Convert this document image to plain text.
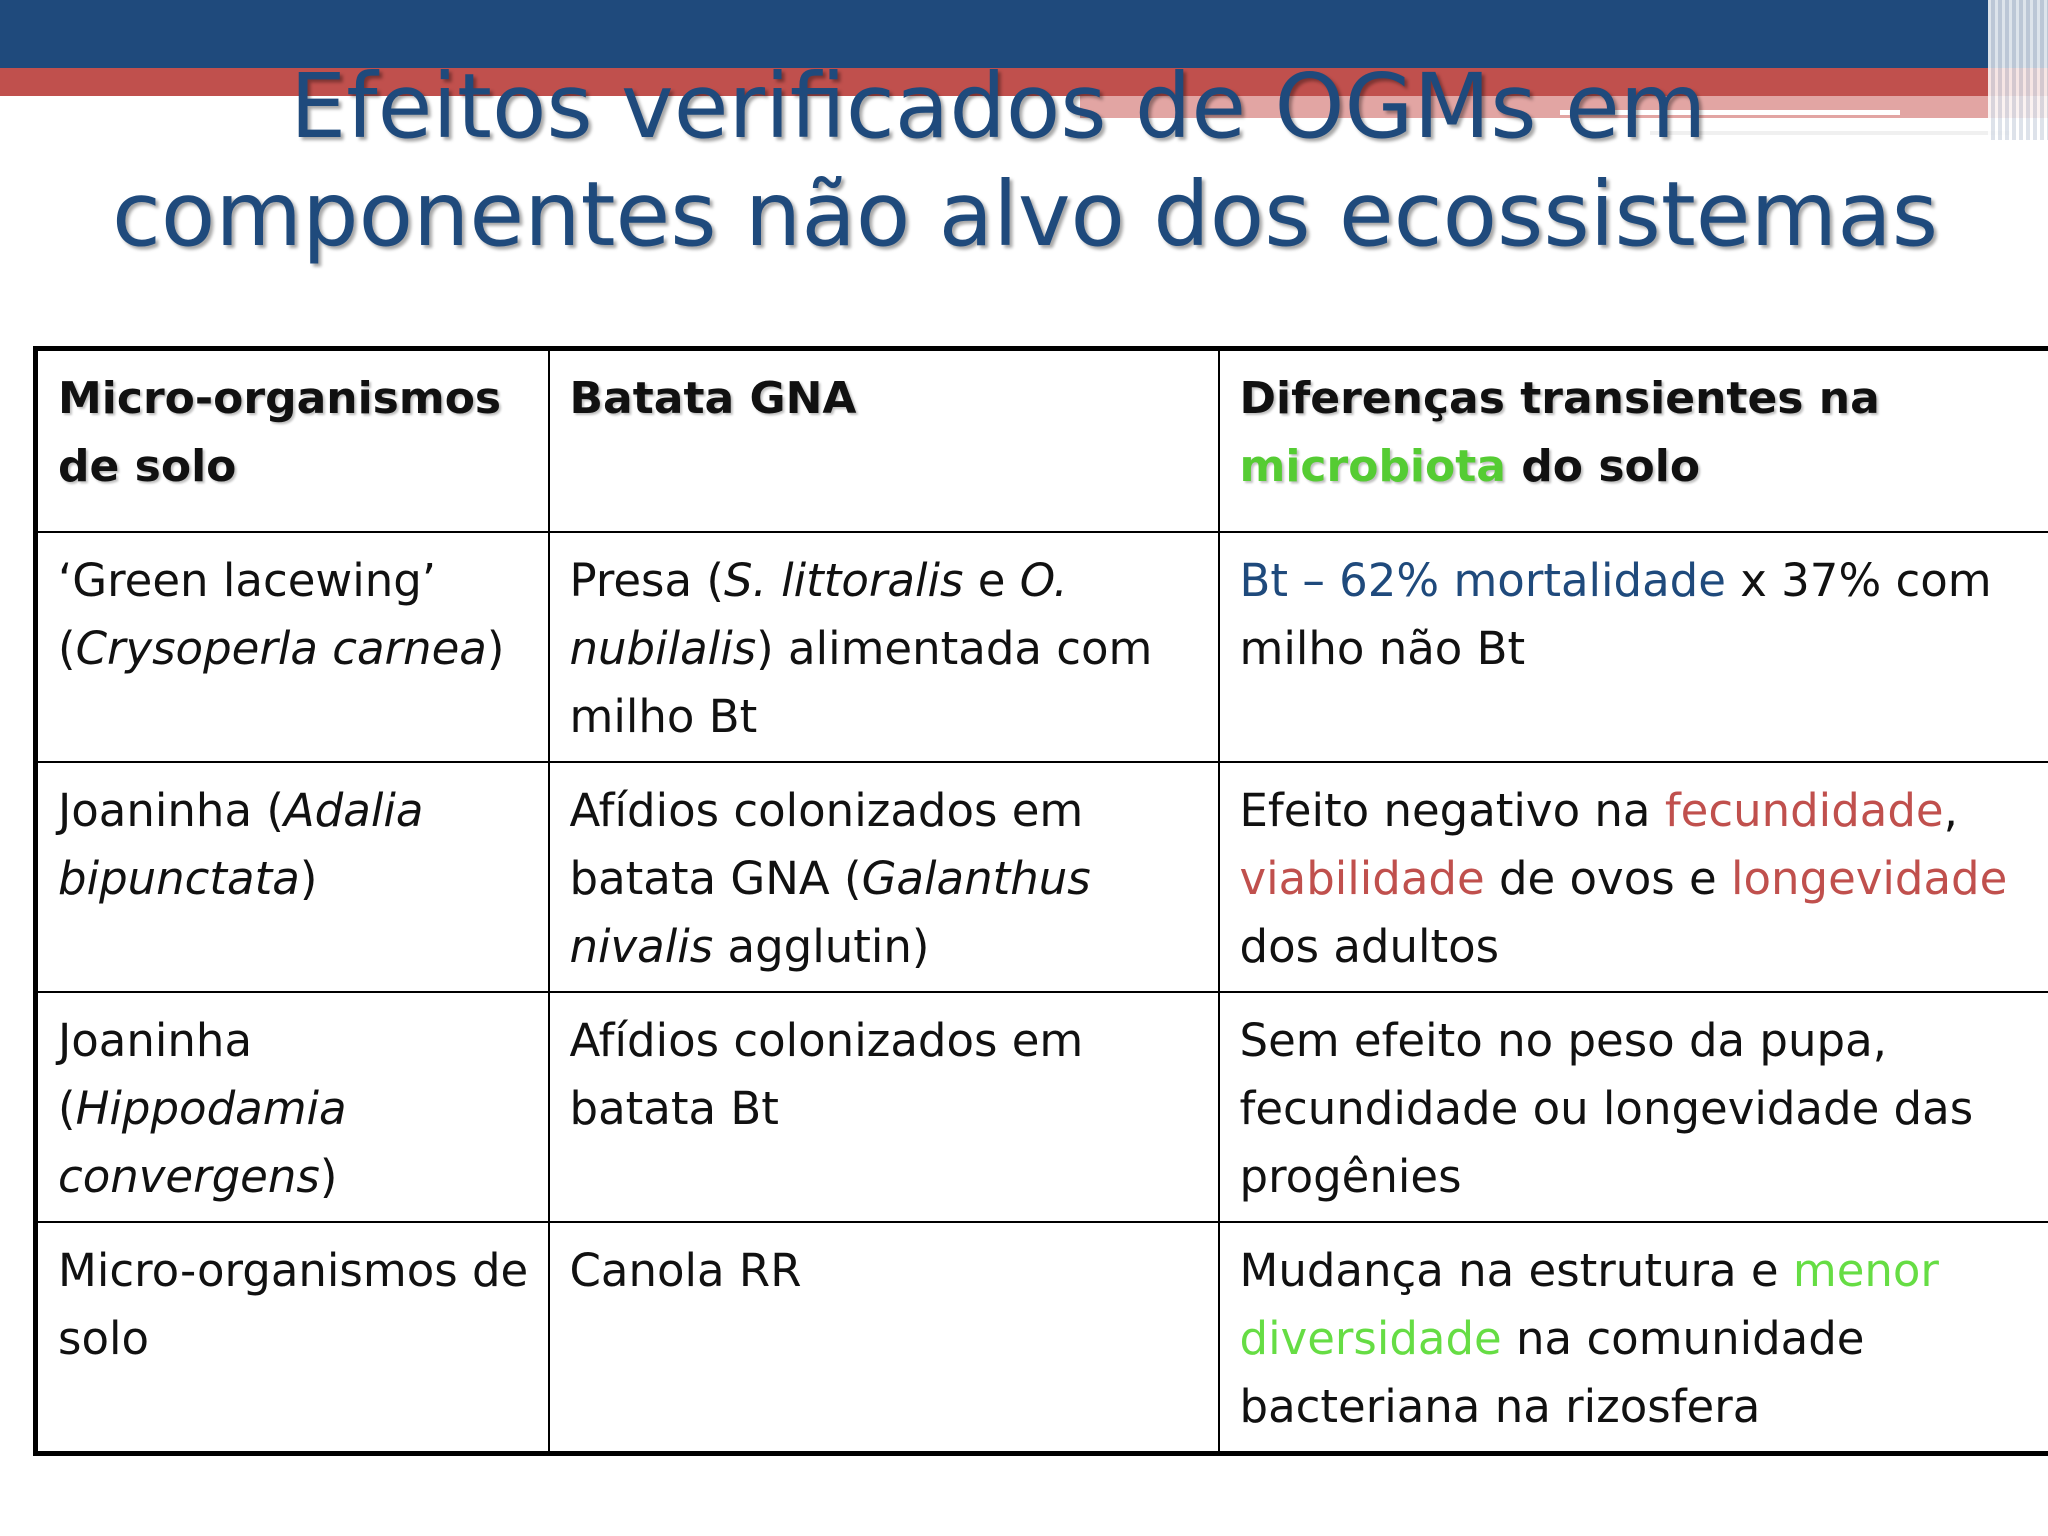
Efeitos verificados de OGMs em
componentes não alvo dos ecossistemas
Micro-organismos de solo	Batata GNA	Diferenças transientes na microbiota do solo
‘Green lacewing’ (Crysoperla carnea)	Presa (S. littoralis e O. nubilalis) alimentada com milho Bt	Bt – 62% mortalidade x 37% com milho não Bt
Joaninha (Adalia bipunctata)	Afídios colonizados em batata GNA (Galanthus nivalis agglutin)	Efeito negativo na fecundidade, viabilidade de ovos e longevidade dos adultos
Joaninha (Hippodamia convergens)	Afídios colonizados em batata Bt	Sem efeito no peso da pupa, fecundidade ou longevidade das progênies
Micro-organismos de solo	Canola RR	Mudança na estrutura e menor diversidade na comunidade bacteriana na rizosfera
